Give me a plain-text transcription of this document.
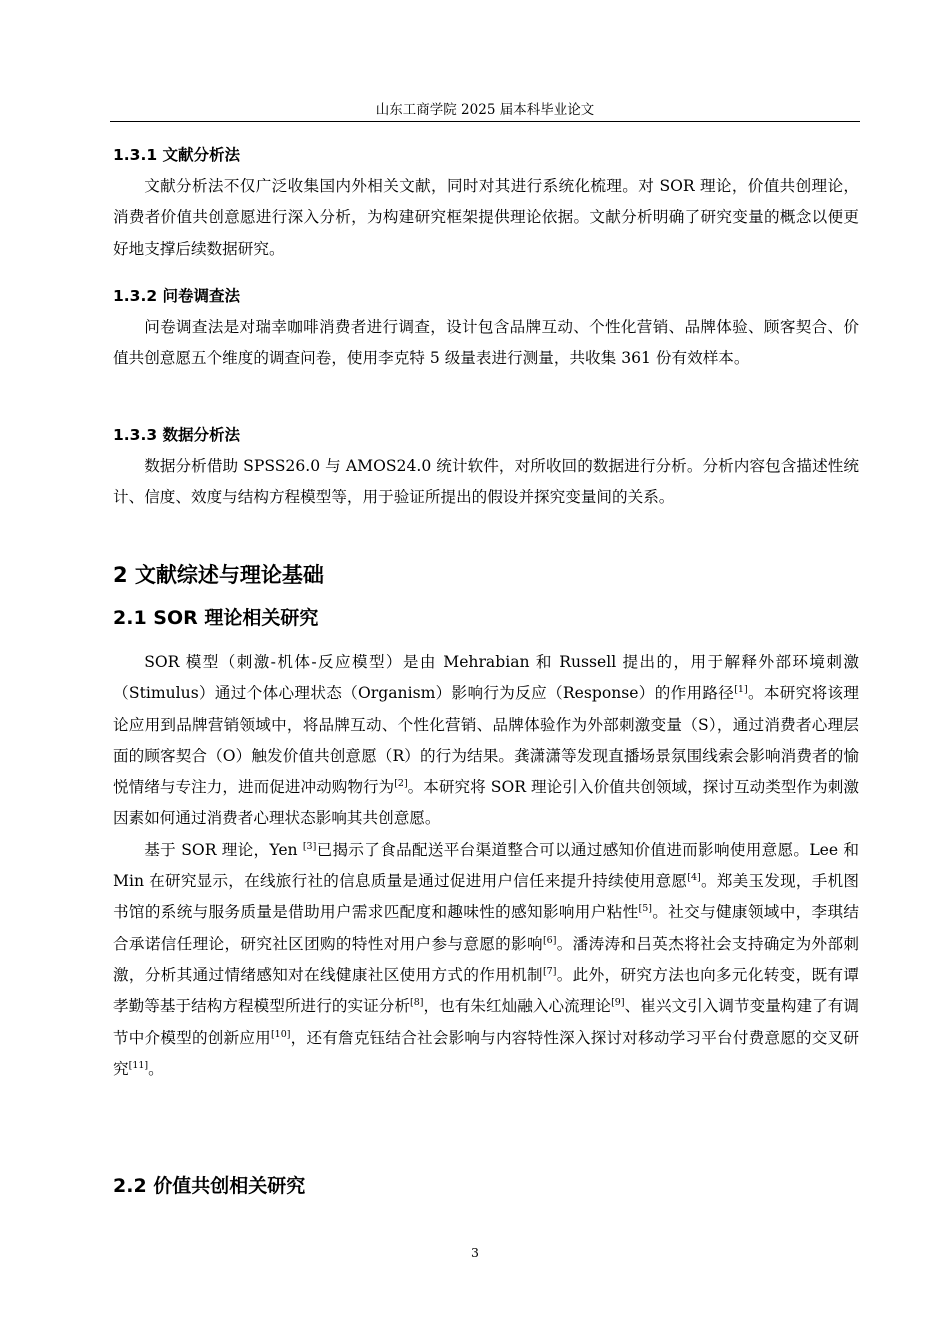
山东工商学院 2025 届本科毕业论文
1.3.1 文献分析法

文献分析法不仅广泛收集国内外相关文献，同时对其进行系统化梳理。对 SOR 理论，价值共创理论，消费者价值共创意愿进行深入分析，为构建研究框架提供理论依据。文献分析明确了研究变量的概念以便更好地支撑后续数据研究。

1.3.2 问卷调查法

问卷调查法是对瑞幸咖啡消费者进行调查，设计包含品牌互动、个性化营销、品牌体验、顾客契合、价值共创意愿五个维度的调查问卷，使用李克特 5 级量表进行测量，共收集 361 份有效样本。

1.3.3 数据分析法

数据分析借助 SPSS26.0 与 AMOS24.0 统计软件，对所收回的数据进行分析。分析内容包含描述性统计、信度、效度与结构方程模型等，用于验证所提出的假设并探究变量间的关系。

2 文献综述与理论基础
2.1 SOR 理论相关研究

SOR 模型（刺激-机体-反应模型）是由 Mehrabian 和 Russell 提出的，用于解释外部环境刺激（Stimulus）通过个体心理状态（Organism）影响行为反应（Response）的作用路径[1]。本研究将该理论应用到品牌营销领域中，将品牌互动、个性化营销、品牌体验作为外部刺激变量（S），通过消费者心理层面的顾客契合（O）触发价值共创意愿（R）的行为结果。龚潇潇等发现直播场景氛围线索会影响消费者的愉悦情绪与专注力，进而促进冲动购物行为[2]。本研究将 SOR 理论引入价值共创领域，探讨互动类型作为刺激因素如何通过消费者心理状态影响其共创意愿。

基于 SOR 理论，Yen [3]已揭示了食品配送平台渠道整合可以通过感知价值进而影响使用意愿。Lee 和 Min 在研究显示，在线旅行社的信息质量是通过促进用户信任来提升持续使用意愿[4]。郑美玉发现，手机图书馆的系统与服务质量是借助用户需求匹配度和趣味性的感知影响用户粘性[5]。社交与健康领域中，李琪结合承诺信任理论，研究社区团购的特性对用户参与意愿的影响[6]。潘涛涛和吕英杰将社会支持确定为外部刺激，分析其通过情绪感知对在线健康社区使用方式的作用机制[7]。此外，研究方法也向多元化转变，既有谭孝勤等基于结构方程模型所进行的实证分析[8]，也有朱红灿融入心流理论[9]、崔兴文引入调节变量构建了有调节中介模型的创新应用[10]，还有詹克钰结合社会影响与内容特性深入探讨对移动学习平台付费意愿的交叉研究[11]。

2.2 价值共创相关研究
3
